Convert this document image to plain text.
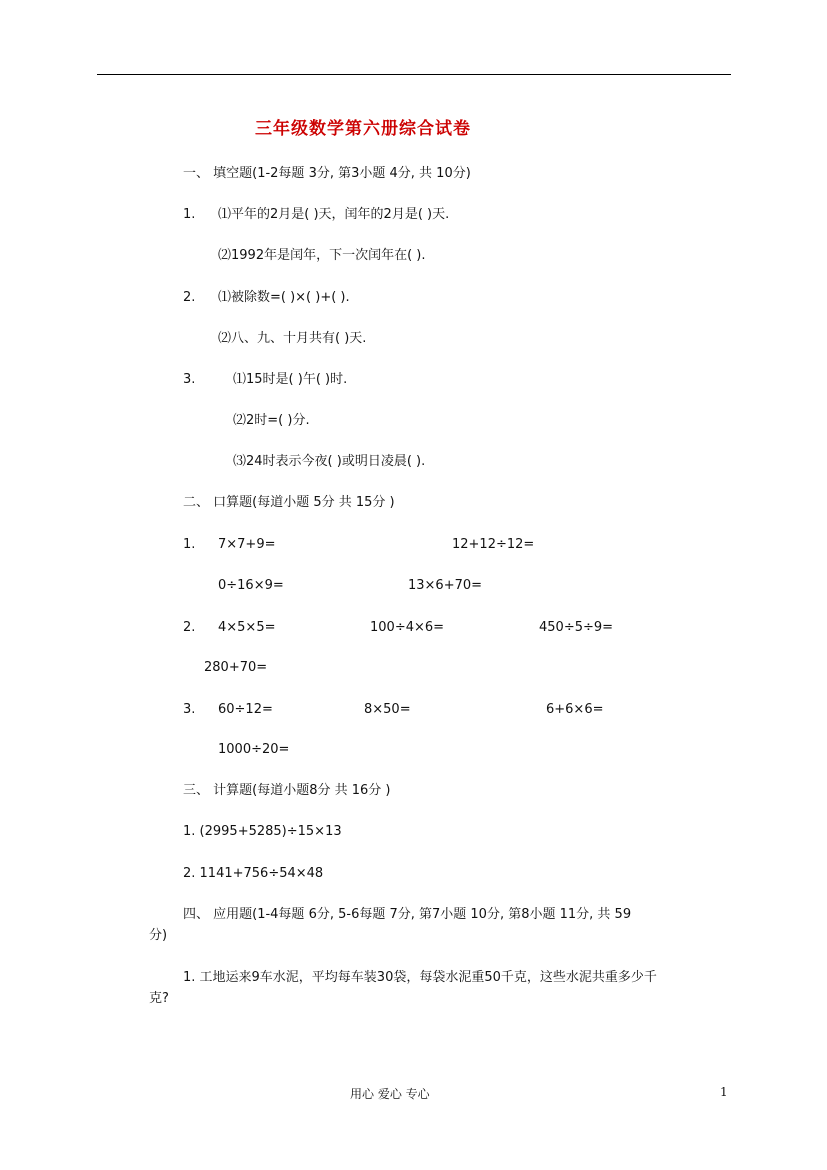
三年级数学第六册综合试卷
一、 填空题(1-2每题 3分, 第3小题 4分, 共 10分)
1. ⑴平年的2月是( )天，闰年的2月是( )天.
⑵1992年是闰年，下一次闰年在( ).
2. ⑴被除数=( )×( )+( ).
⑵八、九、十月共有( )天.
3.	⑴15时是( )午( )时.
⑵2时=( )分.
⑶24时表示今夜( )或明日凌晨( ).
二、 口算题(每道小题 5分 共 15分 )
1. 7×7+9=	12+12÷12=
0÷16×9=	13×6+70=
2. 4×5×5=	100÷4×6=	450÷5÷9=
280+70=
3. 60÷12=	8×50=	6+6×6=
1000÷20=
三、 计算题(每道小题8分 共 16分 )
1. (2995+5285)÷15×13
2. 1141+756÷54×48
四、 应用题(1-4每题 6分, 5-6每题 7分, 第7小题 10分, 第8小题 11分, 共 59
分)
1. 工地运来9车水泥，平均每车装30袋，每袋水泥重50千克，这些水泥共重多少千
克?
用心 爱心 专心	1
